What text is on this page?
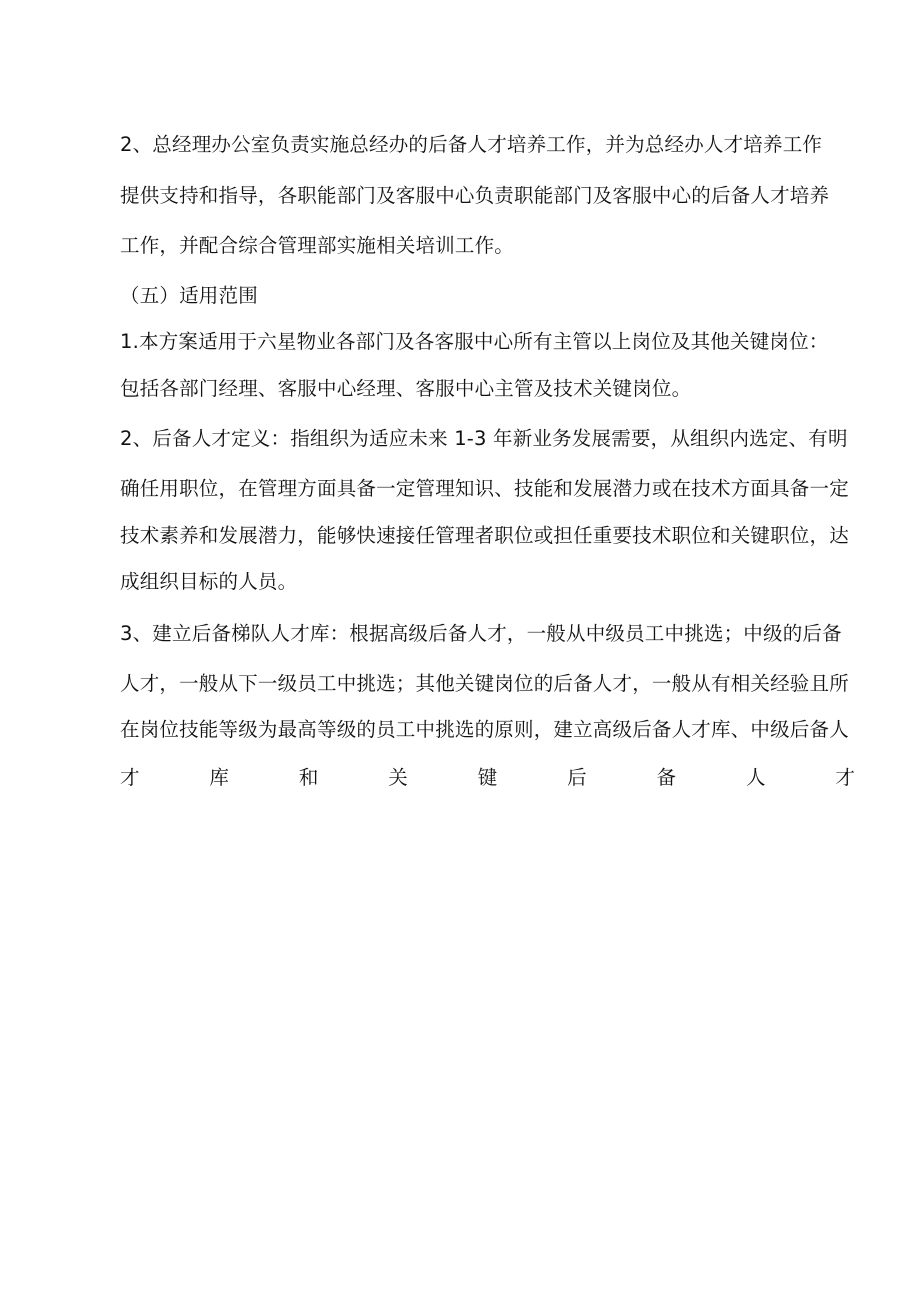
2、总经理办公室负责实施总经办的后备人才培养工作，并为总经办人才培养工作
提供支持和指导，各职能部门及客服中心负责职能部门及客服中心的后备人才培养
工作，并配合综合管理部实施相关培训工作。
（五）适用范围
1.本方案适用于六星物业各部门及各客服中心所有主管以上岗位及其他关键岗位：
包括各部门经理、客服中心经理、客服中心主管及技术关键岗位。
2、后备人才定义：指组织为适应未来 1-3 年新业务发展需要，从组织内选定、有明
确任用职位，在管理方面具备一定管理知识、技能和发展潜力或在技术方面具备一定
技术素养和发展潜力，能够快速接任管理者职位或担任重要技术职位和关键职位，达
成组织目标的人员。
3、建立后备梯队人才库：根据高级后备人才，一般从中级员工中挑选；中级的后备
人才，一般从下一级员工中挑选；其他关键岗位的后备人才，一般从有相关经验且所
在岗位技能等级为最高等级的员工中挑选的原则，建立高级后备人才库、中级后备人
才	库	和	关	键	后	备	人	才
